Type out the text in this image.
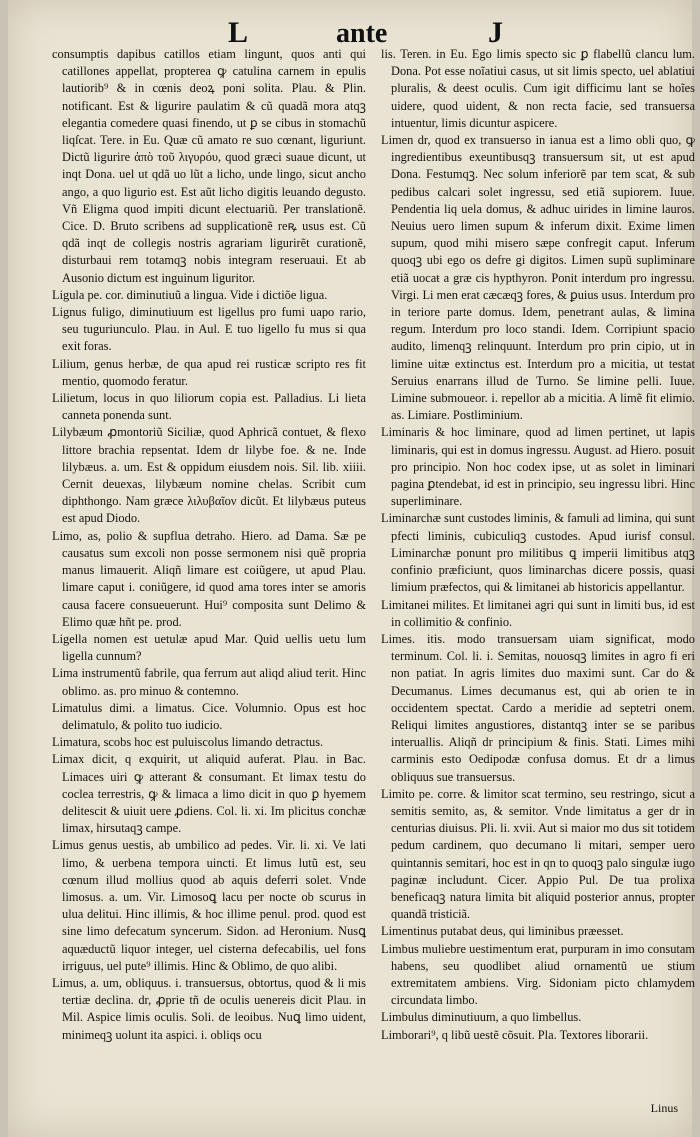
L	ante	J

consumptis dapibus catillos etiam lingunt, quos anti qui catillones appellat, propterea ꝙ catulina carnem in epulis lautiorib⁹ & in cœnis deoꝝ poni solita. Plau. & Plin. notificant. Est & ligurire paulatim & cũ quadã mora atqꝫ elegantia comedere quasi finendo, ut ꝑ se cibus in stomachũ liqſcat. Tere. in Eu. Quæ cũ amato re suo cœnant, liguriunt. Dictũ ligurire ἀπὸ τοῦ λιγυρόυ, quod græci suaue dicunt, ut inqt Dona. uel ut qdã uo lũt a licho, unde lingo, sicut ancho ango, a quo ligurio est. Est aũt licho digitis leuando degusto. Vñ Eligma quod impiti dicunt electuariũ. Per translationẽ. Cice. D. Bruto scribens ad supplicationẽ reꝶ usus est. Cũ qdã inqt de collegis nostris agrariam ligurirẽt curationẽ, disturbaui rem totamqꝫ nobis integram reseruaui. Et ab Ausonio dictum est inguinum liguritor.

Ligula pe. cor. diminutiuũ a lingua. Vide i dictiõe ligua.

Lignus fuligo, diminutiuum est ligellus pro fumi uapo rario, seu tuguriunculo. Plau. in Aul. E tuo ligello fu mus si qua exit foras.

Lilium, genus herbæ, de qua apud rei rusticæ scripto res fit mentio, quomodo feratur.

Lilietum, locus in quo liliorum copia est. Palladius. Li lieta canneta ponenda sunt.

Lilybæum ꝓmontoriũ Siciliæ, quod Aphricã contuet, & flexo littore brachia repsentat. Idem dr lilybe foe. & ne. Inde lilybæus. a. um. Est & oppidum eiusdem nois. Sil. lib. xiiii. Cernit deuexas, lilybæum nomine chelas. Scribit cum diphthongo. Nam græce λιλυβαῖον dicũt. Et lilybæus puteus est apud Diodo.

Limo, as, polio & supflua detraho. Hiero. ad Dama. Sæ pe causatus sum excoli non posse sermonem nisi quẽ propria manus limauerit. Aliqñ limare est coiũgere, ut apud Plau. limare caput i. coniũgere, id quod ama tores inter se amoris causa facere consueuerunt. Hui⁹ composita sunt Delimo & Elimo quæ hñt pe. prod.

Ligella nomen est uetulæ apud Mar. Quid uellis uetu lum ligella cunnum?

Lima instrumentũ fabrile, qua ferrum aut aliqd aliud terit. Hinc oblimo. as. pro minuo & contemno.

Limatulus dimi. a limatus. Cice. Volumnio. Opus est hoc delimatulo, & polito tuo iudicio.

Limatura, scobs hoc est puluiscolus limando detractus.

Limax dicit, q exquirit, ut aliquid auferat. Plau. in Bac. Limaces uiri ꝙ atterant & consumant. Et limax testu do coclea terrestris, ꝙ & limaca a limo dicit in quo ꝑ hyemem delitescit & uiuit uere ꝓdiens. Col. li. xi. Im plicitus conchæ limax, hirsutaqꝫ campe.

Limus genus uestis, ab umbilico ad pedes. Vir. li. xi. Ve lati limo, & uerbena tempora uincti. Et limus lutũ est, seu cœnum illud mollius quod ab aquis deferri solet. Vnde limosus. a. um. Vir. Limosoꝗ lacu per nocte ob scurus in ulua delitui. Hinc illimis, & hoc illime penul. prod. quod est sine limo defecatum syncerum. Sidon. ad Heronium. Nusꝗ aquæductũ liquor integer, uel cisterna defecabilis, uel fons irriguus, uel pute⁹ illimis. Hinc & Oblimo, de quo alibi.

Limus, a. um, obliquus. i. transuersus, obtortus, quod & li mis tertiæ declina. dr, ꝓprie tñ de oculis uenereis dicit Plau. in Mil. Aspice limis oculis. Soli. de leoibus. Nuꝗ limo uident, minimeqꝫ uolunt ita aspici. i. obliqs ocu

lis. Teren. in Eu. Ego limis specto sic ꝑ flabellũ clancu lum. Dona. Pot esse noĩatiui casus, ut sit limis specto, uel ablatiui pluralis, & deest oculis. Cum igit difficimu lant se hoĩes uidere, quod uident, & non recta facie, sed transuersa intuentur, limis dicuntur aspicere.

Limen dr, quod ex transuerso in ianua est a limo obli quo, ꝙ ingredientibus exeuntibusqꝫ transuersum sit, ut est apud Dona. Festumqꝫ. Nec solum inferiorẽ par tem scat, & sub pedibus calcari solet ingressu, sed etiã supiorem. Iuue. Pendentia liq uela domus, & adhuc uirides in limine lauros. Neuius uero limen supum & inferum dixit. Exime limen supum, quod mihi misero sæpe confregit caput. Inferum quoqꝫ ubi ego os defre gi digitos. Limen supũ supliminare etiã uocaŧ a græ cis hypthyron. Ponit interdum pro ingressu. Virgi. Li men erat cæcæqꝫ fores, & ꝑuius usus. Interdum pro in teriore parte domus. Idem, penetrant aulas, & limina regum. Interdum pro loco standi. Idem. Corripiunt spacio audito, limenqꝫ relinquunt. Interdum pro prin cipio, ut in limine uitæ extinctus est. Interdum pro a micitia, ut testat Seruius enarrans illud de Turno. Se limine pelli. Iuue. Limine submoueor. i. repellor ab a micitia. A limẽ fit elimio. as. Limiare. Postliminium.

Liminaris & hoc liminare, quod ad limen pertinet, ut lapis liminaris, qui est in domus ingressu. August. ad Hiero. posuit pro principio. Non hoc codex ipse, ut as solet in liminari pagina ꝑtendebat, id est in principio, seu ingressu libri. Hinc superliminare.

Liminarchæ sunt custodes liminis, & famuli ad limina, qui sunt pfecti liminis, cubiculiqꝫ custodes. Apud iurisf consul. Liminarchæ ponunt pro militibus ꝗ imperii limitibus atqꝫ confinio præficiunt, quos liminarchas dicere possis, quasi limium præfectos, qui & limitanei ab historicis appellantur.

Limitanei milites. Et limitanei agri qui sunt in limiti bus, id est in collimitio & confinio.

Limes. itis. modo transuersam uiam significat, modo terminum. Col. li. i. Semitas, nouosqꝫ limites in agro fi eri non patiat. In agris limites duo maximi sunt. Car do & Decumanus. Limes decumanus est, qui ab orien te in occidentem spectat. Cardo a meridie ad septetri onem. Reliqui limites angustiores, distantqꝫ inter se se paribus interuallis. Aliqñ dr principium & finis. Stati. Limes mihi carminis esto Oedipodæ confusa domus. Et dr a limus obliquus sue transuersus.

Limito pe. corre. & limitor scat termino, seu restringo, sicut a semitis semito, as, & semitor. Vnde limitatus a ger dr in centurias diuisus. Pli. li. xvii. Aut si maior mo dus sit totidem pedum cardinem, quo decumano li mitari, semper uero quintannis semitari, hoc est in qn to quoqꝫ palo singulæ iugo paginæ includunt. Cicer. Appio Pul. De tua prolixa beneficaqꝫ natura limita bit aliquid posterior annus, propter quandã tristiciã.

Limentinus putabat deus, qui liminibus præesset.

Limbus muliebre uestimentum erat, purpuram in imo consutam habens, seu quodlibet aliud ornamentũ ue stium extremitatem ambiens. Virg. Sidoniam picto chlamydem circundata limbo.

Limbulus diminutiuum, a quo limbellus.

Limborari⁹, q libũ uestẽ cõsuit. Pla. Textores liborarii.

Linus
